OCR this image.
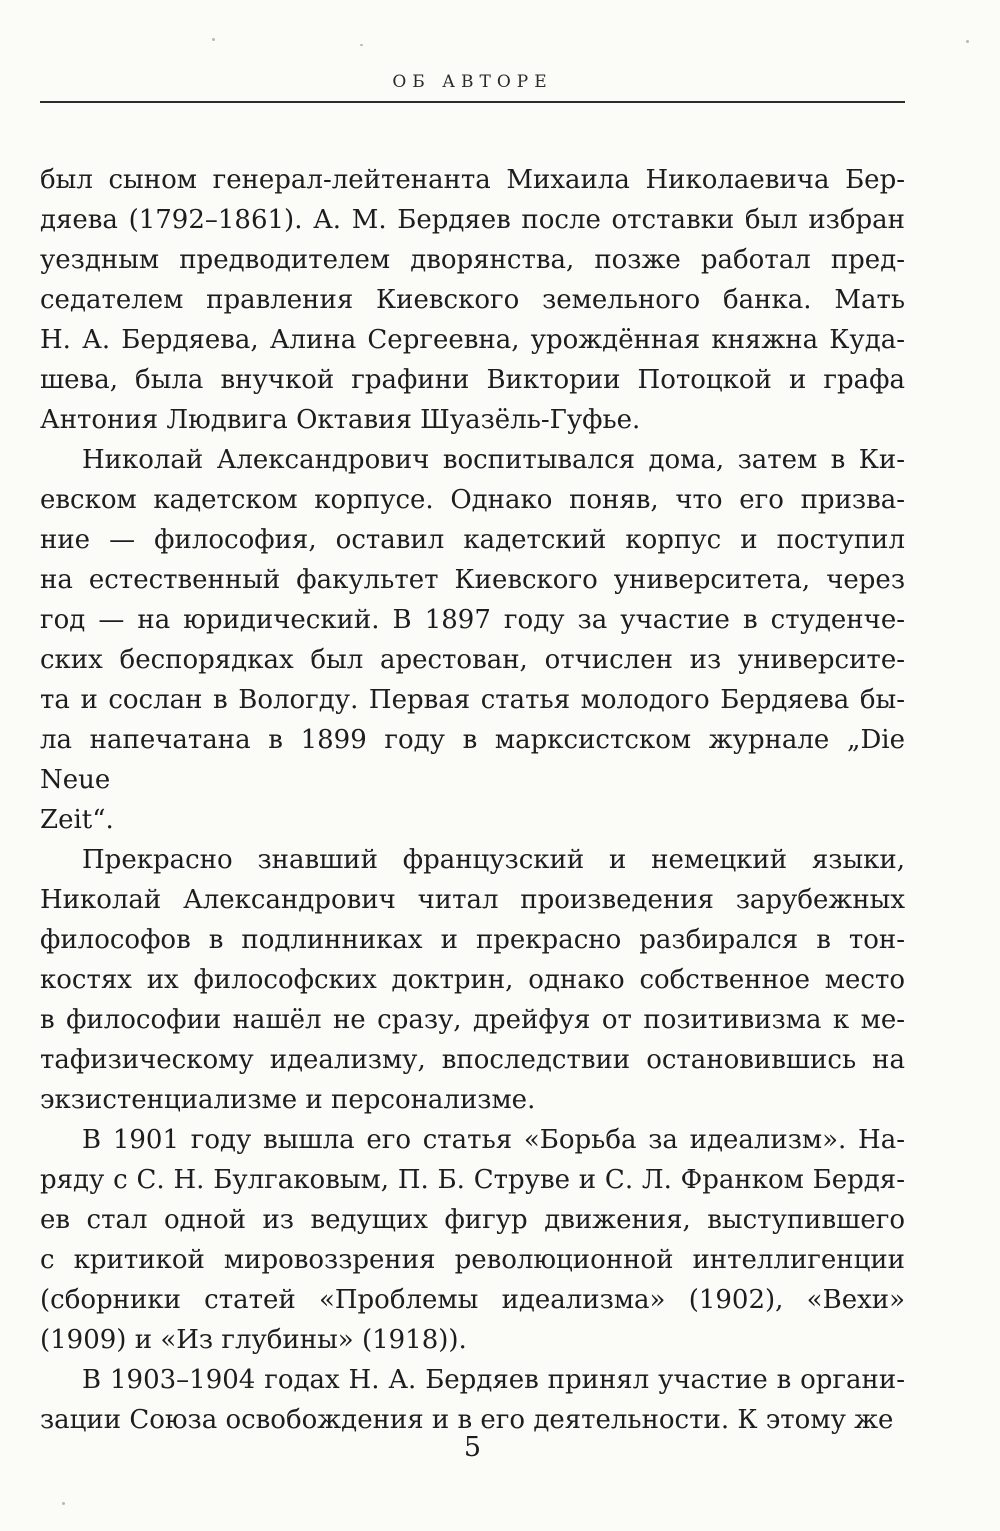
ОБ АВТОРЕ
был сыном генерал-лейтенанта Михаила Николаевича Бер-
дяева (1792–1861). А. М. Бердяев после отставки был избран
уездным предводителем дворянства, позже работал пред-
седателем правления Киевского земельного банка. Мать
Н. А. Бердяева, Алина Сергеевна, урождённая княжна Куда-
шева, была внучкой графини Виктории Потоцкой и графа
Антония Людвига Октавия Шуазёль-Гуфье.
Николай Александрович воспитывался дома, затем в Ки-
евском кадетском корпусе. Однако поняв, что его призва-
ние — философия, оставил кадетский корпус и поступил
на естественный факультет Киевского университета, через
год — на юридический. В 1897 году за участие в студенче-
ских беспорядках был арестован, отчислен из университе-
та и сослан в Вологду. Первая статья молодого Бердяева бы-
ла напечатана в 1899 году в марксистском журнале „Die Neue
Zeit“.
Прекрасно знавший французский и немецкий языки,
Николай Александрович читал произведения зарубежных
философов в подлинниках и прекрасно разбирался в тон-
костях их философских доктрин, однако собственное место
в философии нашёл не сразу, дрейфуя от позитивизма к ме-
тафизическому идеализму, впоследствии остановившись на
экзистенциализме и персонализме.
В 1901 году вышла его статья «Борьба за идеализм». На-
ряду с С. Н. Булгаковым, П. Б. Струве и С. Л. Франком Бердя-
ев стал одной из ведущих фигур движения, выступившего
с критикой мировоззрения революционной интеллигенции
(сборники статей «Проблемы идеализма» (1902), «Вехи»
(1909) и «Из глубины» (1918)).
В 1903–1904 годах Н. А. Бердяев принял участие в органи-
зации Союза освобождения и в его деятельности. К этому же
5
